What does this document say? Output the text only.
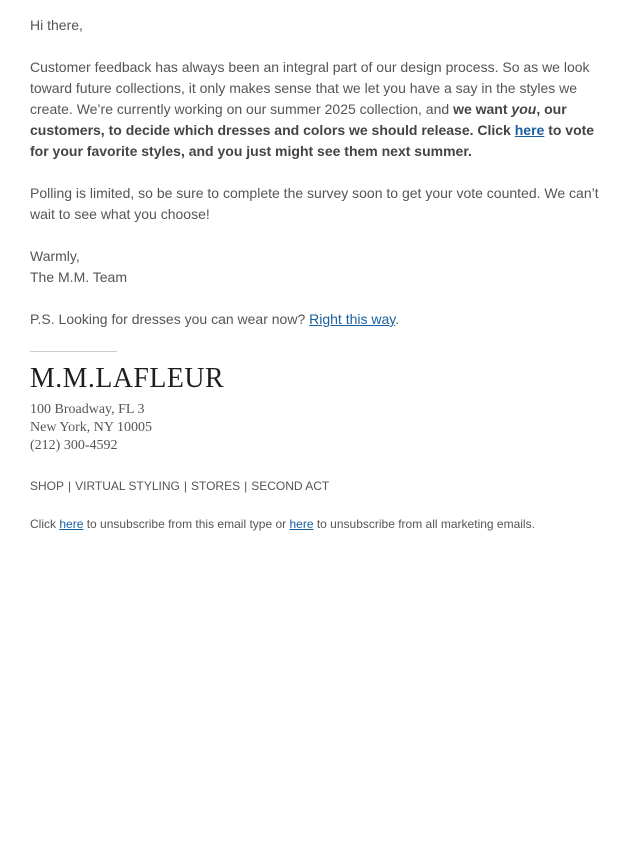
Hi there,

Customer feedback has always been an integral part of our design process. So as we look toward future collections, it only makes sense that we let you have a say in the styles we create. We’re currently working on our summer 2025 collection, and we want you, our customers, to decide which dresses and colors we should release. Click here to vote for your favorite styles, and you just might see them next summer.

Polling is limited, so be sure to complete the survey soon to get your vote counted. We can’t wait to see what you choose!

Warmly,
The M.M. Team

P.S. Looking for dresses you can wear now? Right this way.

M.M.LAFLEUR
100 Broadway, FL 3
New York, NY 10005
(212) 300-4592
SHOP | VIRTUAL STYLING | STORES | SECOND ACT
Click here to unsubscribe from this email type or here to unsubscribe from all marketing emails.
